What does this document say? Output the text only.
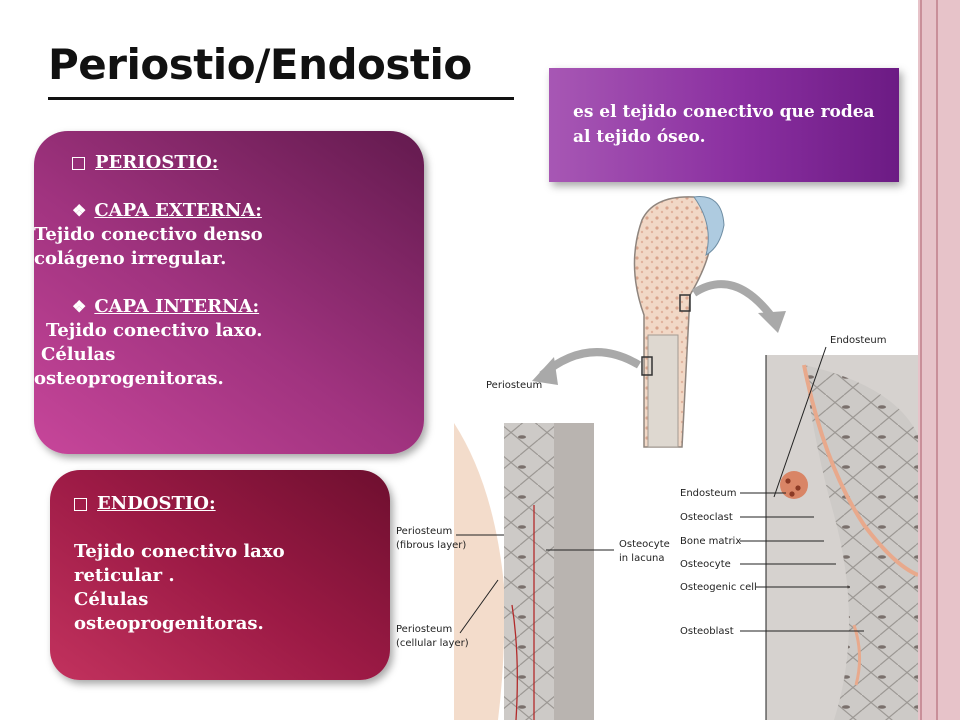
Periostio/Endostio
es el tejido conectivo que rodea al tejido óseo.
PERIOSTIO:
❖ CAPA EXTERNA:
Tejido conectivo denso
colágeno irregular.
❖ CAPA INTERNA:
Tejido conectivo laxo.
Células
osteoprogenitoras.
ENDOSTIO:
Tejido conectivo laxo
reticular .
Células
osteoprogenitoras.
Periosteum
Periosteum
(fibrous layer)
Periosteum
(cellular layer)
Osteocyte
in lacuna
Endosteum
Endosteum
Osteoclast
Bone matrix
Osteocyte
Osteogenic cell
Osteoblast
